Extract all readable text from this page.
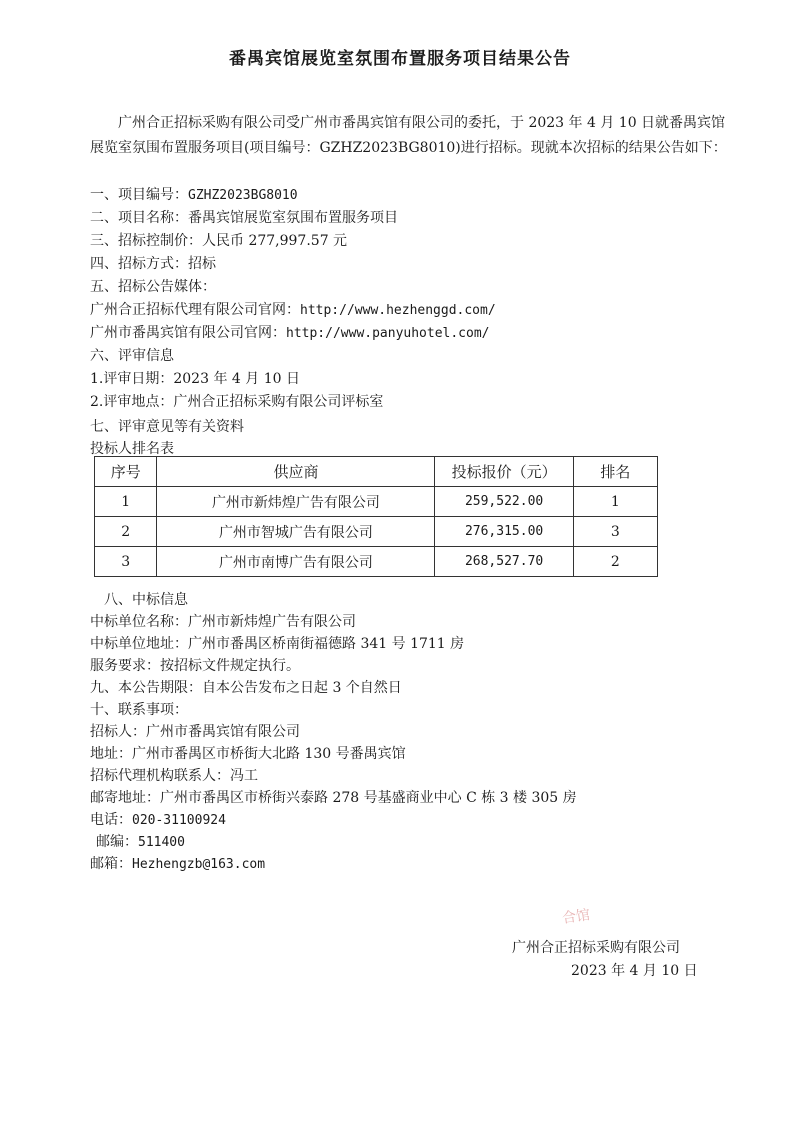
番禺宾馆展览室氛围布置服务项目结果公告
广州合正招标采购有限公司受广州市番禺宾馆有限公司的委托，于 2023 年 4 月 10 日就番禺宾馆展览室氛围布置服务项目(项目编号：GZHZ2023BG8010)进行招标。现就本次招标的结果公告如下：
一、项目编号：GZHZ2023BG8010
二、项目名称：番禺宾馆展览室氛围布置服务项目
三、招标控制价：人民币 277,997.57 元
四、招标方式：招标
五、招标公告媒体：
广州合正招标代理有限公司官网：http://www.hezhenggd.com/
广州市番禺宾馆有限公司官网：http://www.panyuhotel.com/
六、评审信息
1.评审日期：2023 年 4 月 10 日
2.评审地点：广州合正招标采购有限公司评标室
七、评审意见等有关资料
投标人排名表
序号	供应商	投标报价（元）	排名
1	广州市新炜煌广告有限公司	259,522.00	1
2	广州市智城广告有限公司	276,315.00	3
3	广州市南博广告有限公司	268,527.70	2
八、中标信息
中标单位名称：广州市新炜煌广告有限公司
中标单位地址：广州市番禺区桥南街福德路 341 号 1711 房
服务要求：按招标文件规定执行。
九、本公告期限：自本公告发布之日起 3 个自然日
十、联系事项：
招标人：广州市番禺宾馆有限公司
地址：广州市番禺区市桥街大北路 130 号番禺宾馆
招标代理机构联系人：冯工
邮寄地址：广州市番禺区市桥街兴泰路 278 号基盛商业中心 C 栋 3 楼 305 房
电话：020-31100924
邮编：511400
邮箱：Hezhengzb@163.com
合馆
广州合正招标采购有限公司
2023 年 4 月 10 日
